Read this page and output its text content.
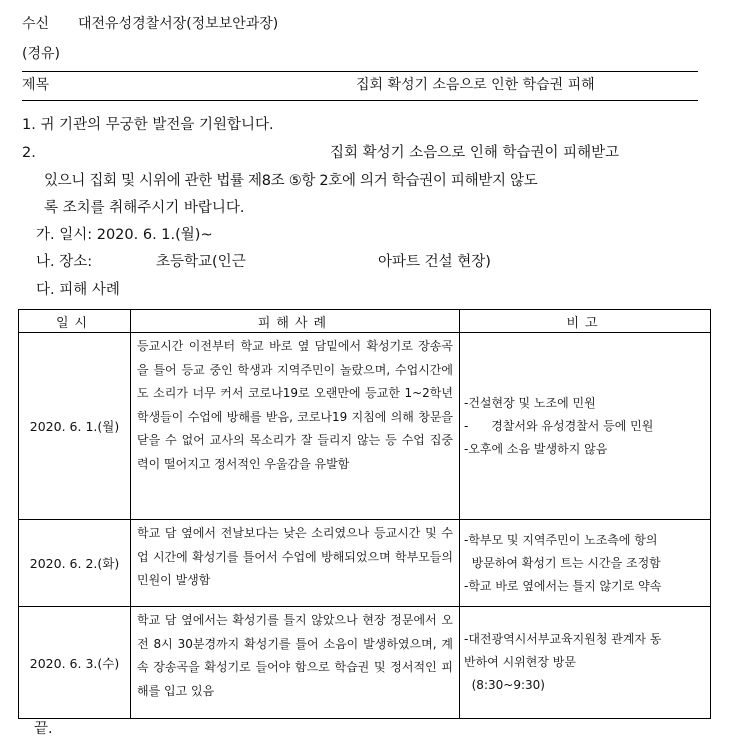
수신 대전유성경찰서장(정보보안과장)
(경유)
제목	집회 확성기 소음으로 인한 학습권 피해
1. 귀 기관의 무궁한 발전을 기원합니다.
2.	집회 확성기 소음으로 인해 학습권이 피해받고
있으니 집회 및 시위에 관한 법률 제8조 ⑤항 2호에 의거 학습권이 피해받지 않도
록 조치를 취해주시기 바랍니다.
가. 일시: 2020. 6. 1.(월)~
나. 장소:	초등학교(인근	아파트 건설 현장)
다. 피해 사례
일시	피해사례	비고
2020. 6. 1.(월)	등교시간 이전부터 학교 바로 옆 담밑에서 확성기로 장송곡을 틀어 등교 중인 학생과 지역주민이 놀랐으며, 수업시간에도 소리가 너무 커서 코로나19로 오랜만에 등교한 1~2학년 학생들이 수업에 방해를 받음, 코로나19 지침에 의해 창문을 닫을 수 없어 교사의 목소리가 잘 들리지 않는 등 수업 집중력이 떨어지고 정서적인 우울감을 유발함	-건설현장 및 노조에 민원
-      경찰서와 유성경찰서 등에 민원
-오후에 소음 발생하지 않음

2020. 6. 2.(화)	학교 담 옆에서 전날보다는 낮은 소리였으나 등교시간 및 수업 시간에 확성기를 틀어서 수업에 방해되었으며 학부모들의 민원이 발생함	-학부모 및 지역주민이 노조측에 항의
방문하여 확성기 트는 시간을 조정함
-학교 바로 옆에서는 틀지 않기로 약속

2020. 6. 3.(수)	학교 담 옆에서는 확성기를 틀지 않았으나 현장 정문에서 오전 8시 30분경까지 확성기를 틀어 소음이 발생하였으며, 계속 장송곡을 확성기로 들어야 함으로 학습권 및 정서적인 피해를 입고 있음	-대전광역시서부교육지원청 관계자 동
반하여 시위현장 방문
(8:30~9:30)
끝.
